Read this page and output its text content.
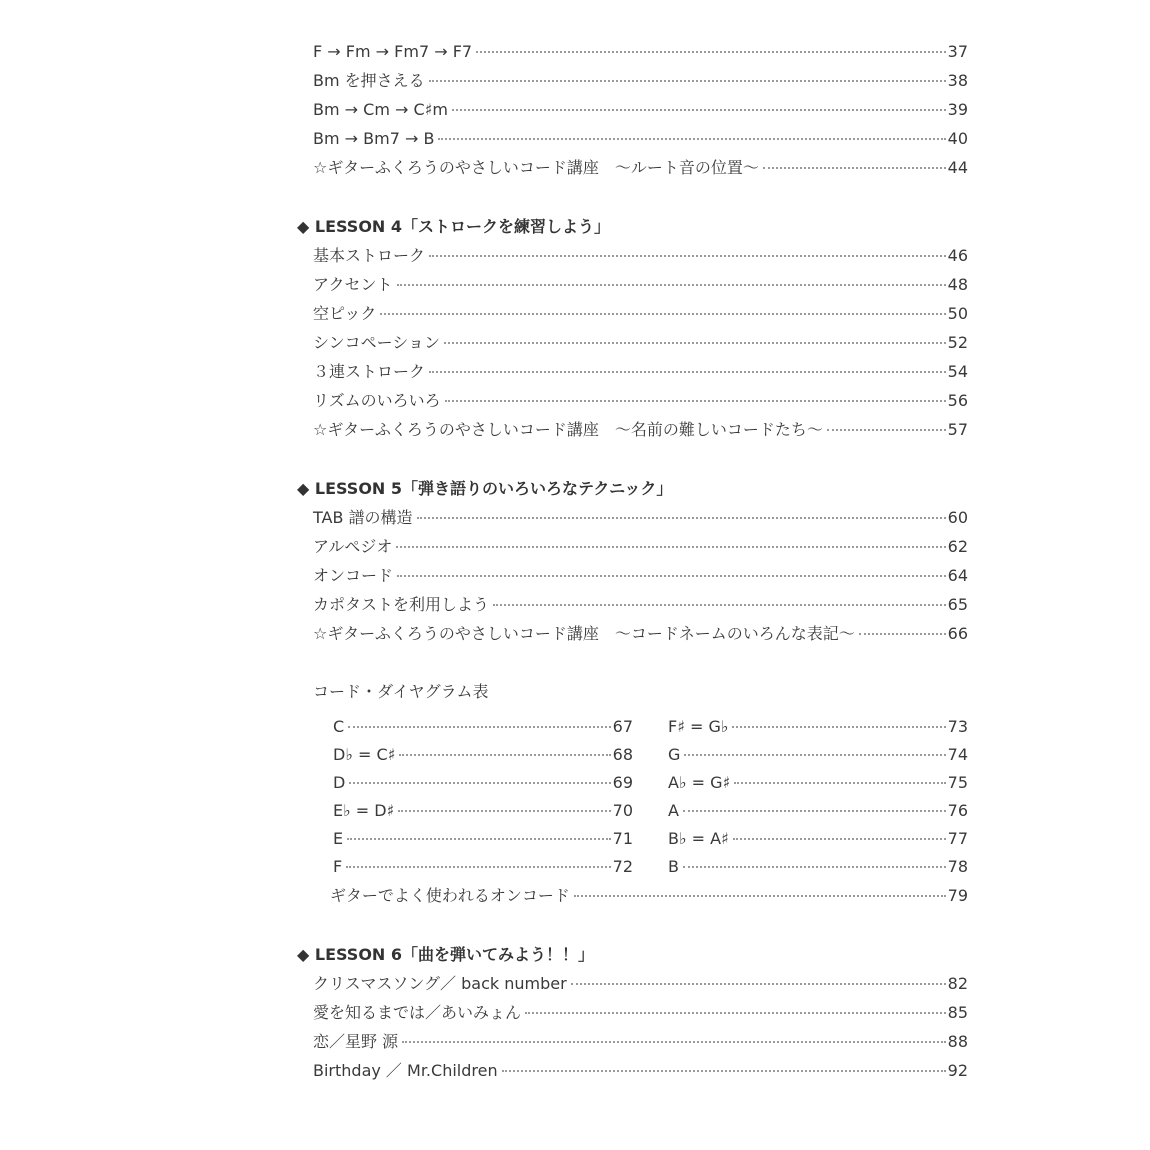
F → Fm → Fm7 → F7	37
Bm を押さえる	38
Bm → Cm → C♯m	39
Bm → Bm7 → B	40
☆ギターふくろうのやさしいコード講座　～ルート音の位置～	44
◆ LESSON 4「ストロークを練習しよう」
基本ストローク	46
アクセント	48
空ピック	50
シンコペーション	52
３連ストローク	54
リズムのいろいろ	56
☆ギターふくろうのやさしいコード講座　～名前の難しいコードたち～	57
◆ LESSON 5「弾き語りのいろいろなテクニック」
TAB 譜の構造	60
アルペジオ	62
オンコード	64
カポタストを利用しよう	65
☆ギターふくろうのやさしいコード講座　～コードネームのいろんな表記～	66
コード・ダイヤグラム表
C	67
D♭ = C♯	68
D	69
E♭ = D♯	70
E	71
F	72
F♯ = G♭	73
G	74
A♭ = G♯	75
A	76
B♭ = A♯	77
B	78
ギターでよく使われるオンコード	79
◆ LESSON 6「曲を弾いてみよう！！」
クリスマスソング／ back number	82
愛を知るまでは／あいみょん	85
恋／星野 源	88
Birthday ／ Mr.Children	92
